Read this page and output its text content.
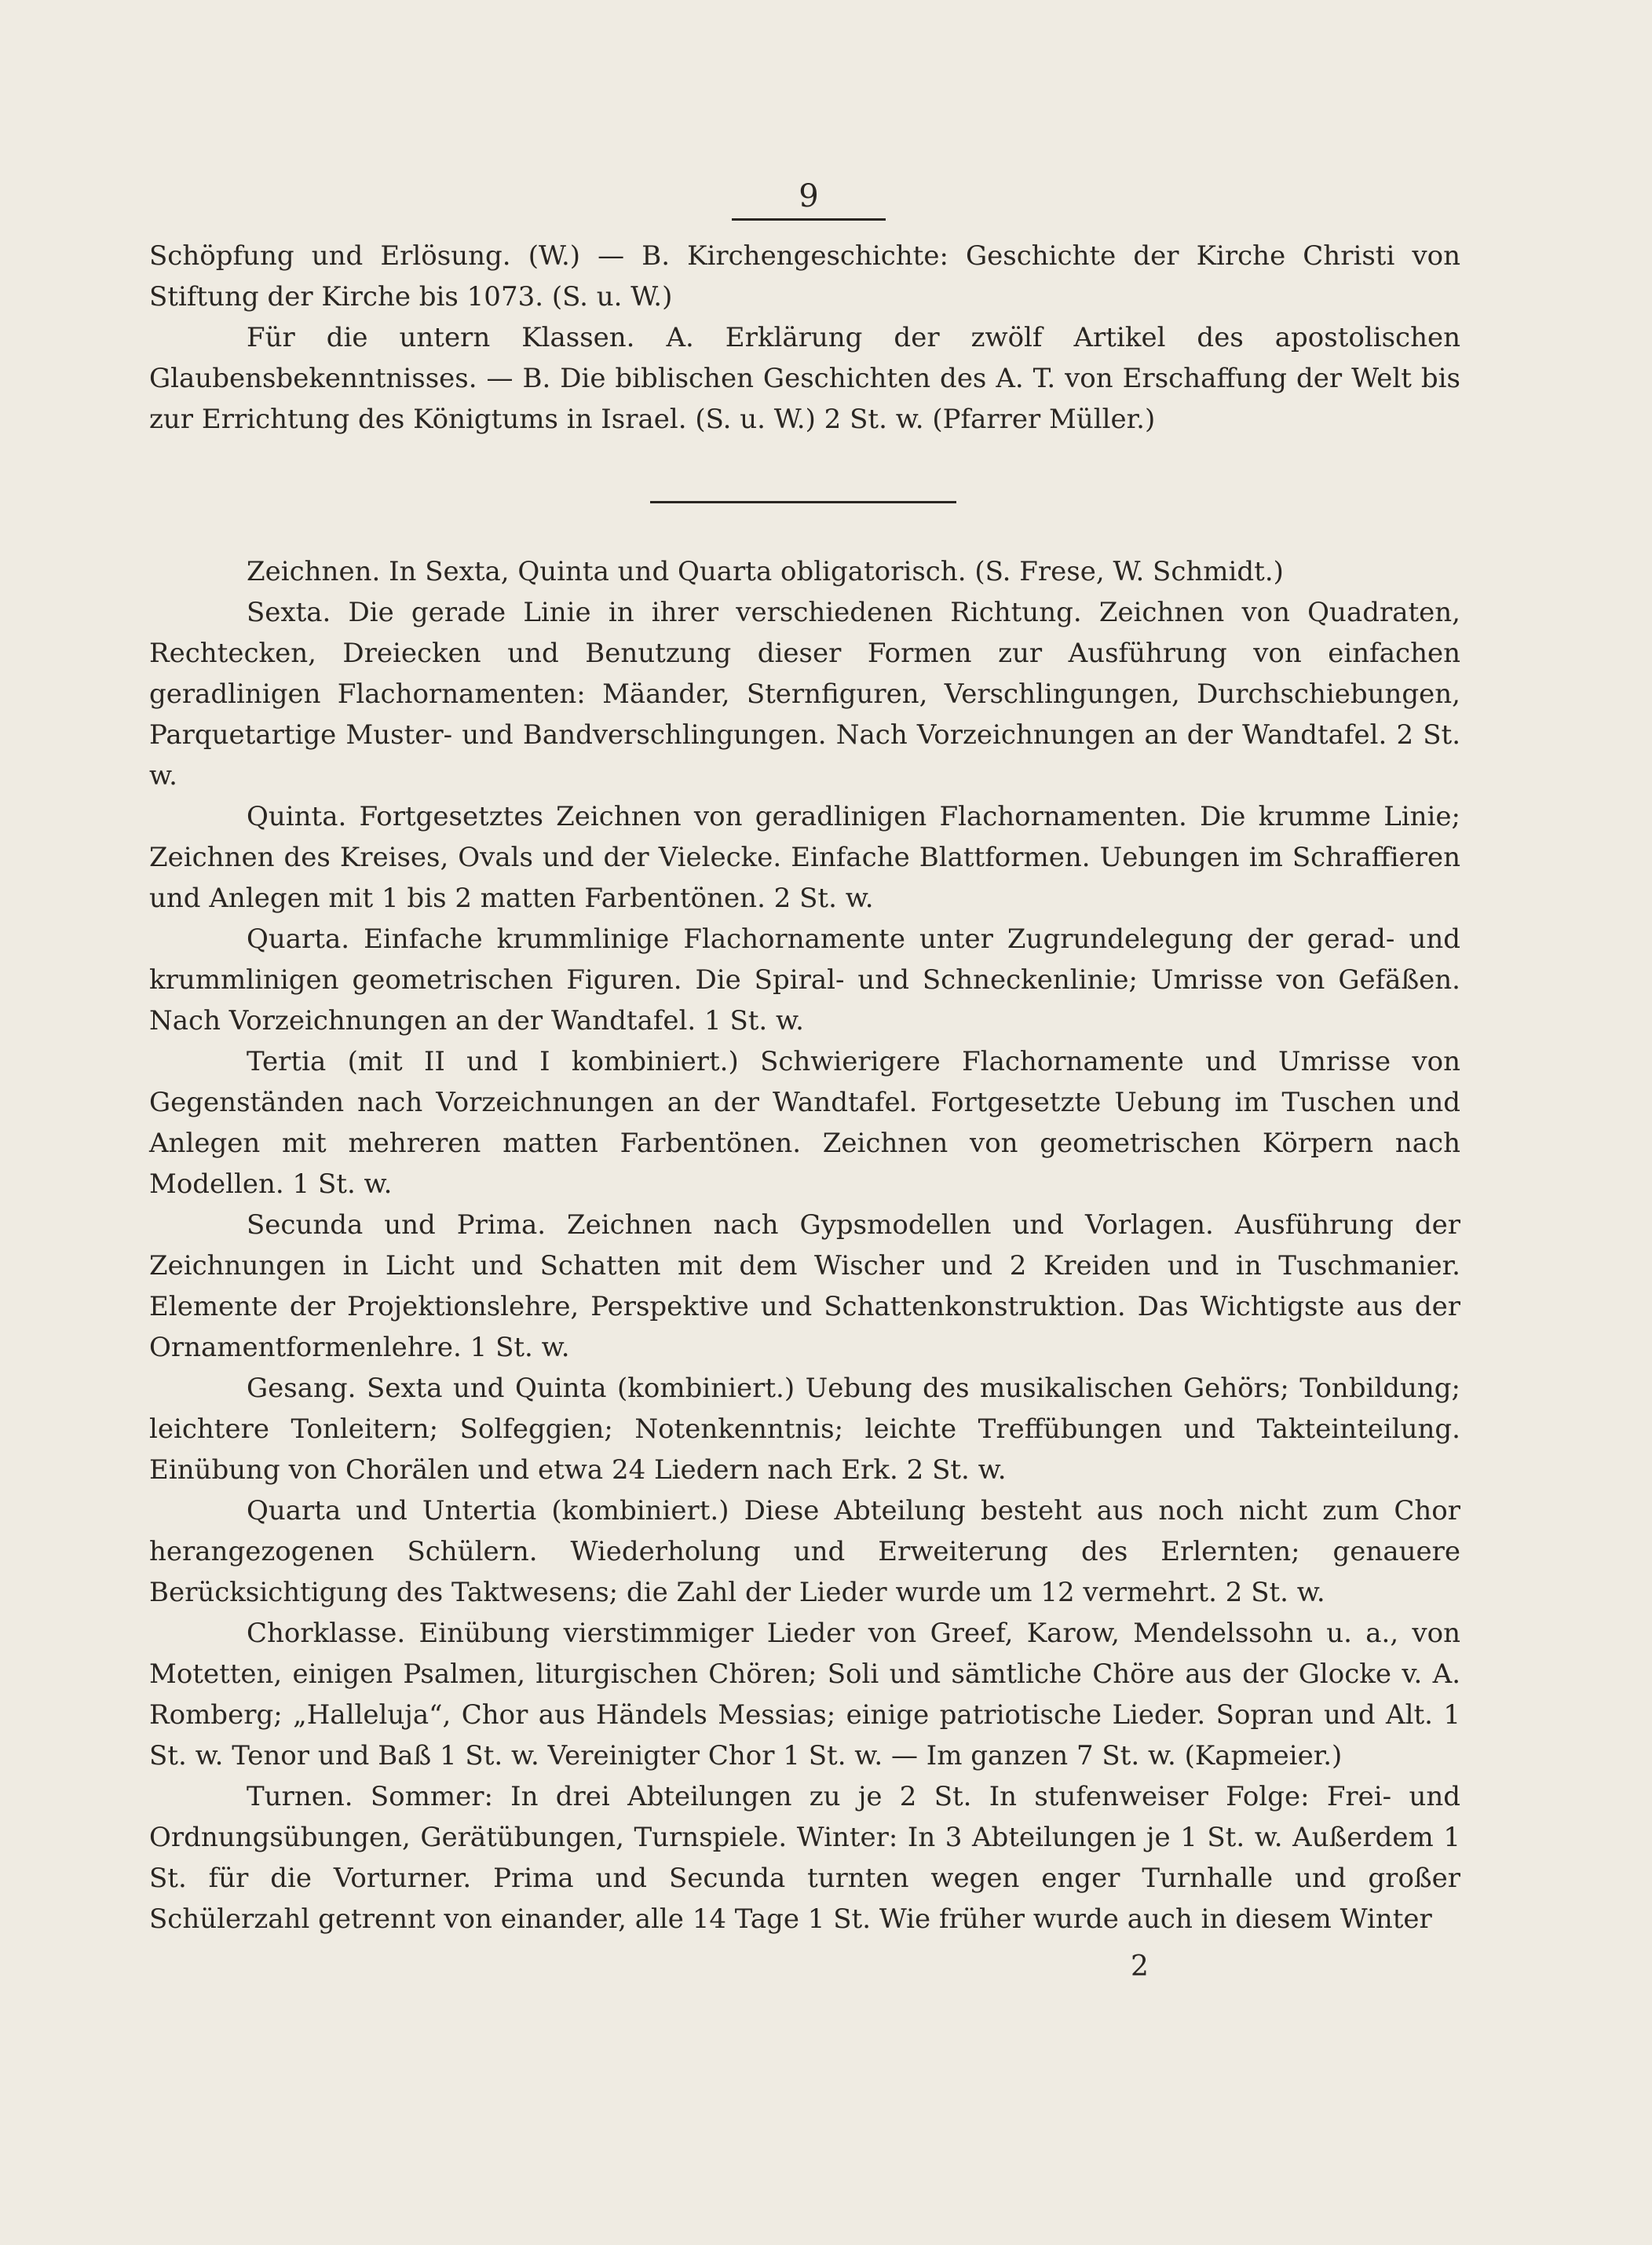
9

Schöpfung und Erlösung. (W.) — B. Kirchengeschichte: Geschichte der Kirche Christi von Stiftung der Kirche bis 1073. (S. u. W.)

Für die untern Klassen. A. Erklärung der zwölf Artikel des apostolischen Glaubensbekenntnisses. — B. Die biblischen Geschichten des A. T. von Erschaffung der Welt bis zur Errichtung des Königtums in Israel. (S. u. W.) 2 St. w. (Pfarrer Müller.)

Zeichnen. In Sexta, Quinta und Quarta obligatorisch. (S. Frese, W. Schmidt.)

Sexta. Die gerade Linie in ihrer verschiedenen Richtung. Zeichnen von Quadraten, Rechtecken, Dreiecken und Benutzung dieser Formen zur Ausführung von einfachen geradlinigen Flachornamenten: Mäander, Sternfiguren, Verschlingungen, Durchschiebungen, Parquetartige Muster- und Bandverschlingungen. Nach Vorzeichnungen an der Wandtafel. 2 St. w.

Quinta. Fortgesetztes Zeichnen von geradlinigen Flachornamenten. Die krumme Linie; Zeichnen des Kreises, Ovals und der Vielecke. Einfache Blattformen. Uebungen im Schraffieren und Anlegen mit 1 bis 2 matten Farbentönen. 2 St. w.

Quarta. Einfache krummlinige Flachornamente unter Zugrundelegung der gerad- und krummlinigen geometrischen Figuren. Die Spiral- und Schneckenlinie; Umrisse von Gefäßen. Nach Vorzeichnungen an der Wandtafel. 1 St. w.

Tertia (mit II und I kombiniert.) Schwierigere Flachornamente und Umrisse von Gegenständen nach Vorzeichnungen an der Wandtafel. Fortgesetzte Uebung im Tuschen und Anlegen mit mehreren matten Farbentönen. Zeichnen von geometrischen Körpern nach Modellen. 1 St. w.

Secunda und Prima. Zeichnen nach Gypsmodellen und Vorlagen. Ausführung der Zeichnungen in Licht und Schatten mit dem Wischer und 2 Kreiden und in Tuschmanier. Elemente der Projektionslehre, Perspektive und Schattenkonstruktion. Das Wichtigste aus der Ornamentformenlehre. 1 St. w.

Gesang. Sexta und Quinta (kombiniert.) Uebung des musikalischen Gehörs; Tonbildung; leichtere Tonleitern; Solfeggien; Notenkenntnis; leichte Treffübungen und Takteinteilung. Einübung von Chorälen und etwa 24 Liedern nach Erk. 2 St. w.

Quarta und Untertia (kombiniert.) Diese Abteilung besteht aus noch nicht zum Chor herangezogenen Schülern. Wiederholung und Erweiterung des Erlernten; genauere Berücksichtigung des Taktwesens; die Zahl der Lieder wurde um 12 vermehrt. 2 St. w.

Chorklasse. Einübung vierstimmiger Lieder von Greef, Karow, Mendelssohn u. a., von Motetten, einigen Psalmen, liturgischen Chören; Soli und sämtliche Chöre aus der Glocke v. A. Romberg; „Halleluja“, Chor aus Händels Messias; einige patriotische Lieder. Sopran und Alt. 1 St. w. Tenor und Baß 1 St. w. Vereinigter Chor 1 St. w. — Im ganzen 7 St. w. (Kapmeier.)

Turnen. Sommer: In drei Abteilungen zu je 2 St. In stufenweiser Folge: Frei- und Ordnungsübungen, Gerätübungen, Turnspiele. Winter: In 3 Abteilungen je 1 St. w. Außerdem 1 St. für die Vorturner. Prima und Secunda turnten wegen enger Turnhalle und großer Schülerzahl getrennt von einander, alle 14 Tage 1 St. Wie früher wurde auch in diesem Winter

2
